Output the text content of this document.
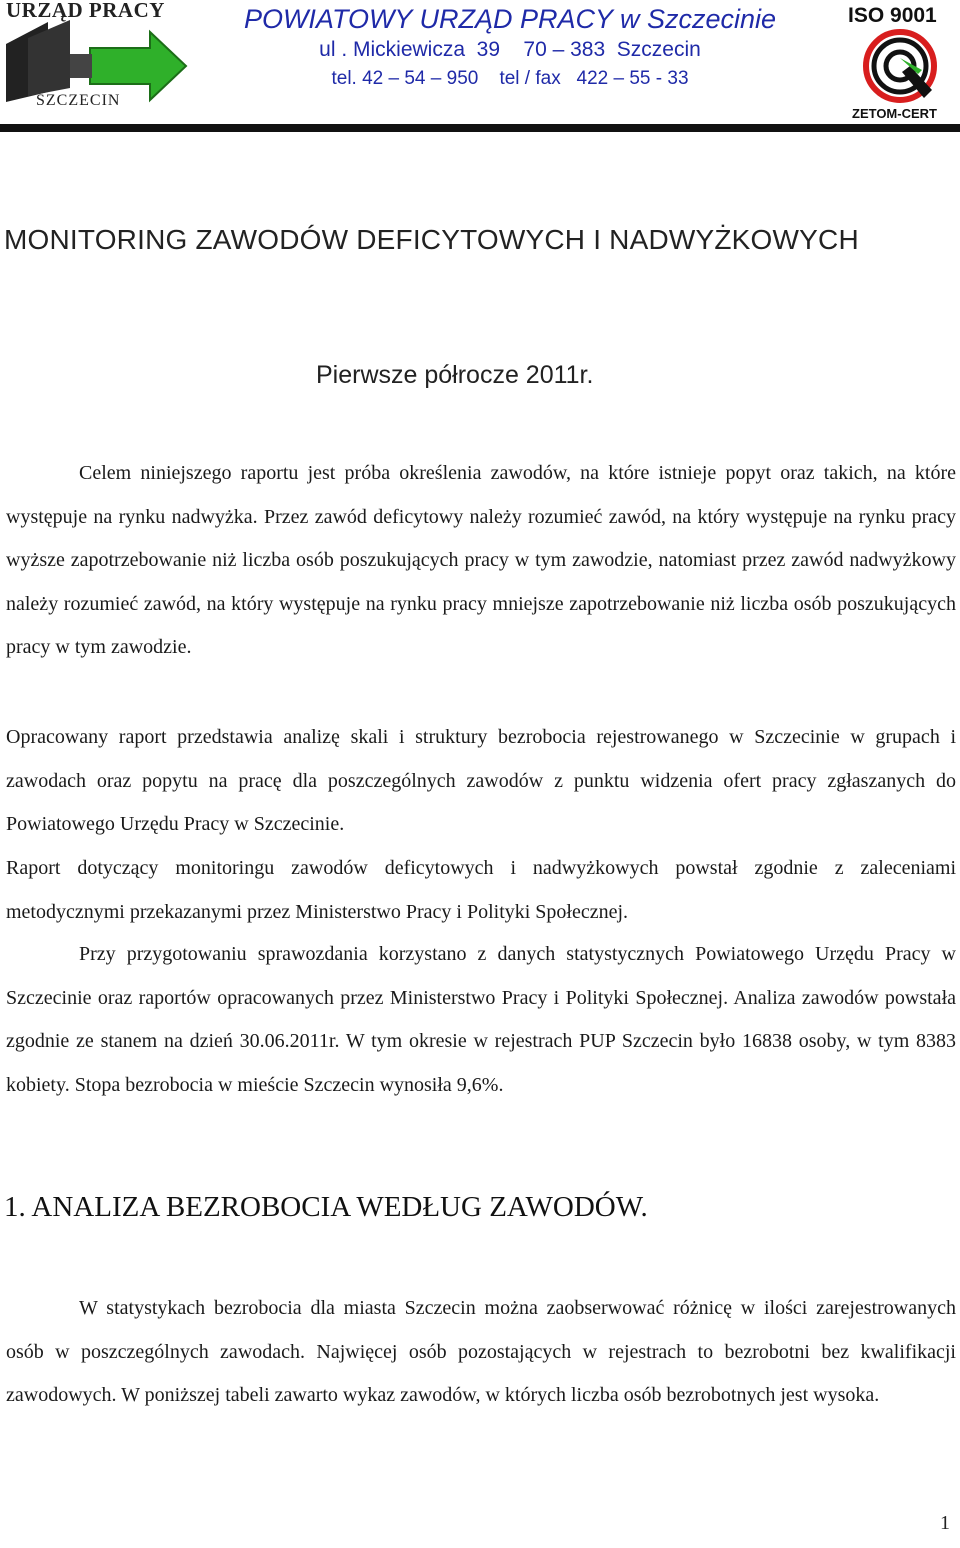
URZĄD PRACY
SZCZECIN
POWIATOWY URZĄD PRACY w Szczecinie
ul . Mickiewicza  39    70 – 383  Szczecin
tel. 42 – 54 – 950    tel / fax   422 – 55 - 33
ISO 9001
ZETOM-CERT
MONITORING ZAWODÓW DEFICYTOWYCH I NADWYŻKOWYCH
Pierwsze półrocze 2011r.
Celem niniejszego raportu jest próba określenia zawodów, na które istnieje popyt oraz takich, na które występuje na rynku nadwyżka. Przez zawód deficytowy należy rozumieć zawód, na który występuje na rynku pracy wyższe zapotrzebowanie niż liczba osób poszukujących pracy w tym zawodzie, natomiast przez zawód nadwyżkowy należy rozumieć zawód, na który występuje na rynku pracy mniejsze zapotrzebowanie niż liczba osób poszukujących pracy w tym zawodzie.
Opracowany raport przedstawia analizę skali i struktury bezrobocia rejestrowanego w Szczecinie w grupach i zawodach oraz popytu na pracę dla poszczególnych zawodów z punktu widzenia ofert pracy zgłaszanych do Powiatowego Urzędu Pracy w Szczecinie.
Raport dotyczący monitoringu zawodów deficytowych i nadwyżkowych powstał zgodnie z zaleceniami metodycznymi przekazanymi przez Ministerstwo Pracy i Polityki Społecznej.
Przy przygotowaniu sprawozdania korzystano z danych statystycznych Powiatowego Urzędu Pracy w Szczecinie oraz raportów opracowanych przez Ministerstwo Pracy i Polityki Społecznej. Analiza zawodów powstała zgodnie ze stanem na dzień 30.06.2011r. W tym okresie w rejestrach PUP Szczecin było 16838 osoby, w tym 8383 kobiety. Stopa bezrobocia w mieście Szczecin wynosiła 9,6%.
1. ANALIZA BEZROBOCIA WEDŁUG ZAWODÓW.
W statystykach bezrobocia dla miasta Szczecin można zaobserwować różnicę w ilości zarejestrowanych osób w poszczególnych zawodach. Najwięcej osób pozostających w rejestrach to bezrobotni bez kwalifikacji zawodowych. W poniższej tabeli zawarto wykaz zawodów, w których liczba osób bezrobotnych jest wysoka.
1
